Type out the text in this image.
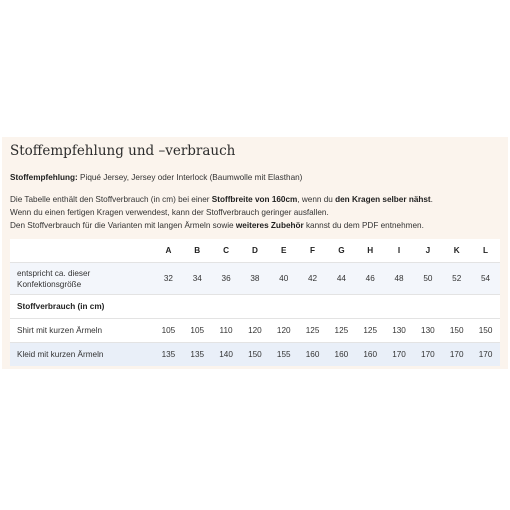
Stoffempfehlung und –verbrauch
Stoffempfehlung: Piqué Jersey, Jersey oder Interlock (Baumwolle mit Elasthan)
Die Tabelle enthält den Stoffverbrauch (in cm) bei einer Stoffbreite von 160cm, wenn du den Kragen selber nähst.
Wenn du einen fertigen Kragen verwendest, kann der Stoffverbrauch geringer ausfallen.
Den Stoffverbrauch für die Varianten mit langen Ärmeln sowie weiteres Zubehör kannst du dem PDF entnehmen.
	A	B	C	D	E	F	G	H	I	J	K	L
entspricht ca. dieser
Konfektionsgröße	32	34	36	38	40	42	44	46	48	50	52	54
Stoffverbrauch (in cm)												
Shirt mit kurzen Ärmeln	105	105	110	120	120	125	125	125	130	130	150	150
Kleid mit kurzen Ärmeln	135	135	140	150	155	160	160	160	170	170	170	170
